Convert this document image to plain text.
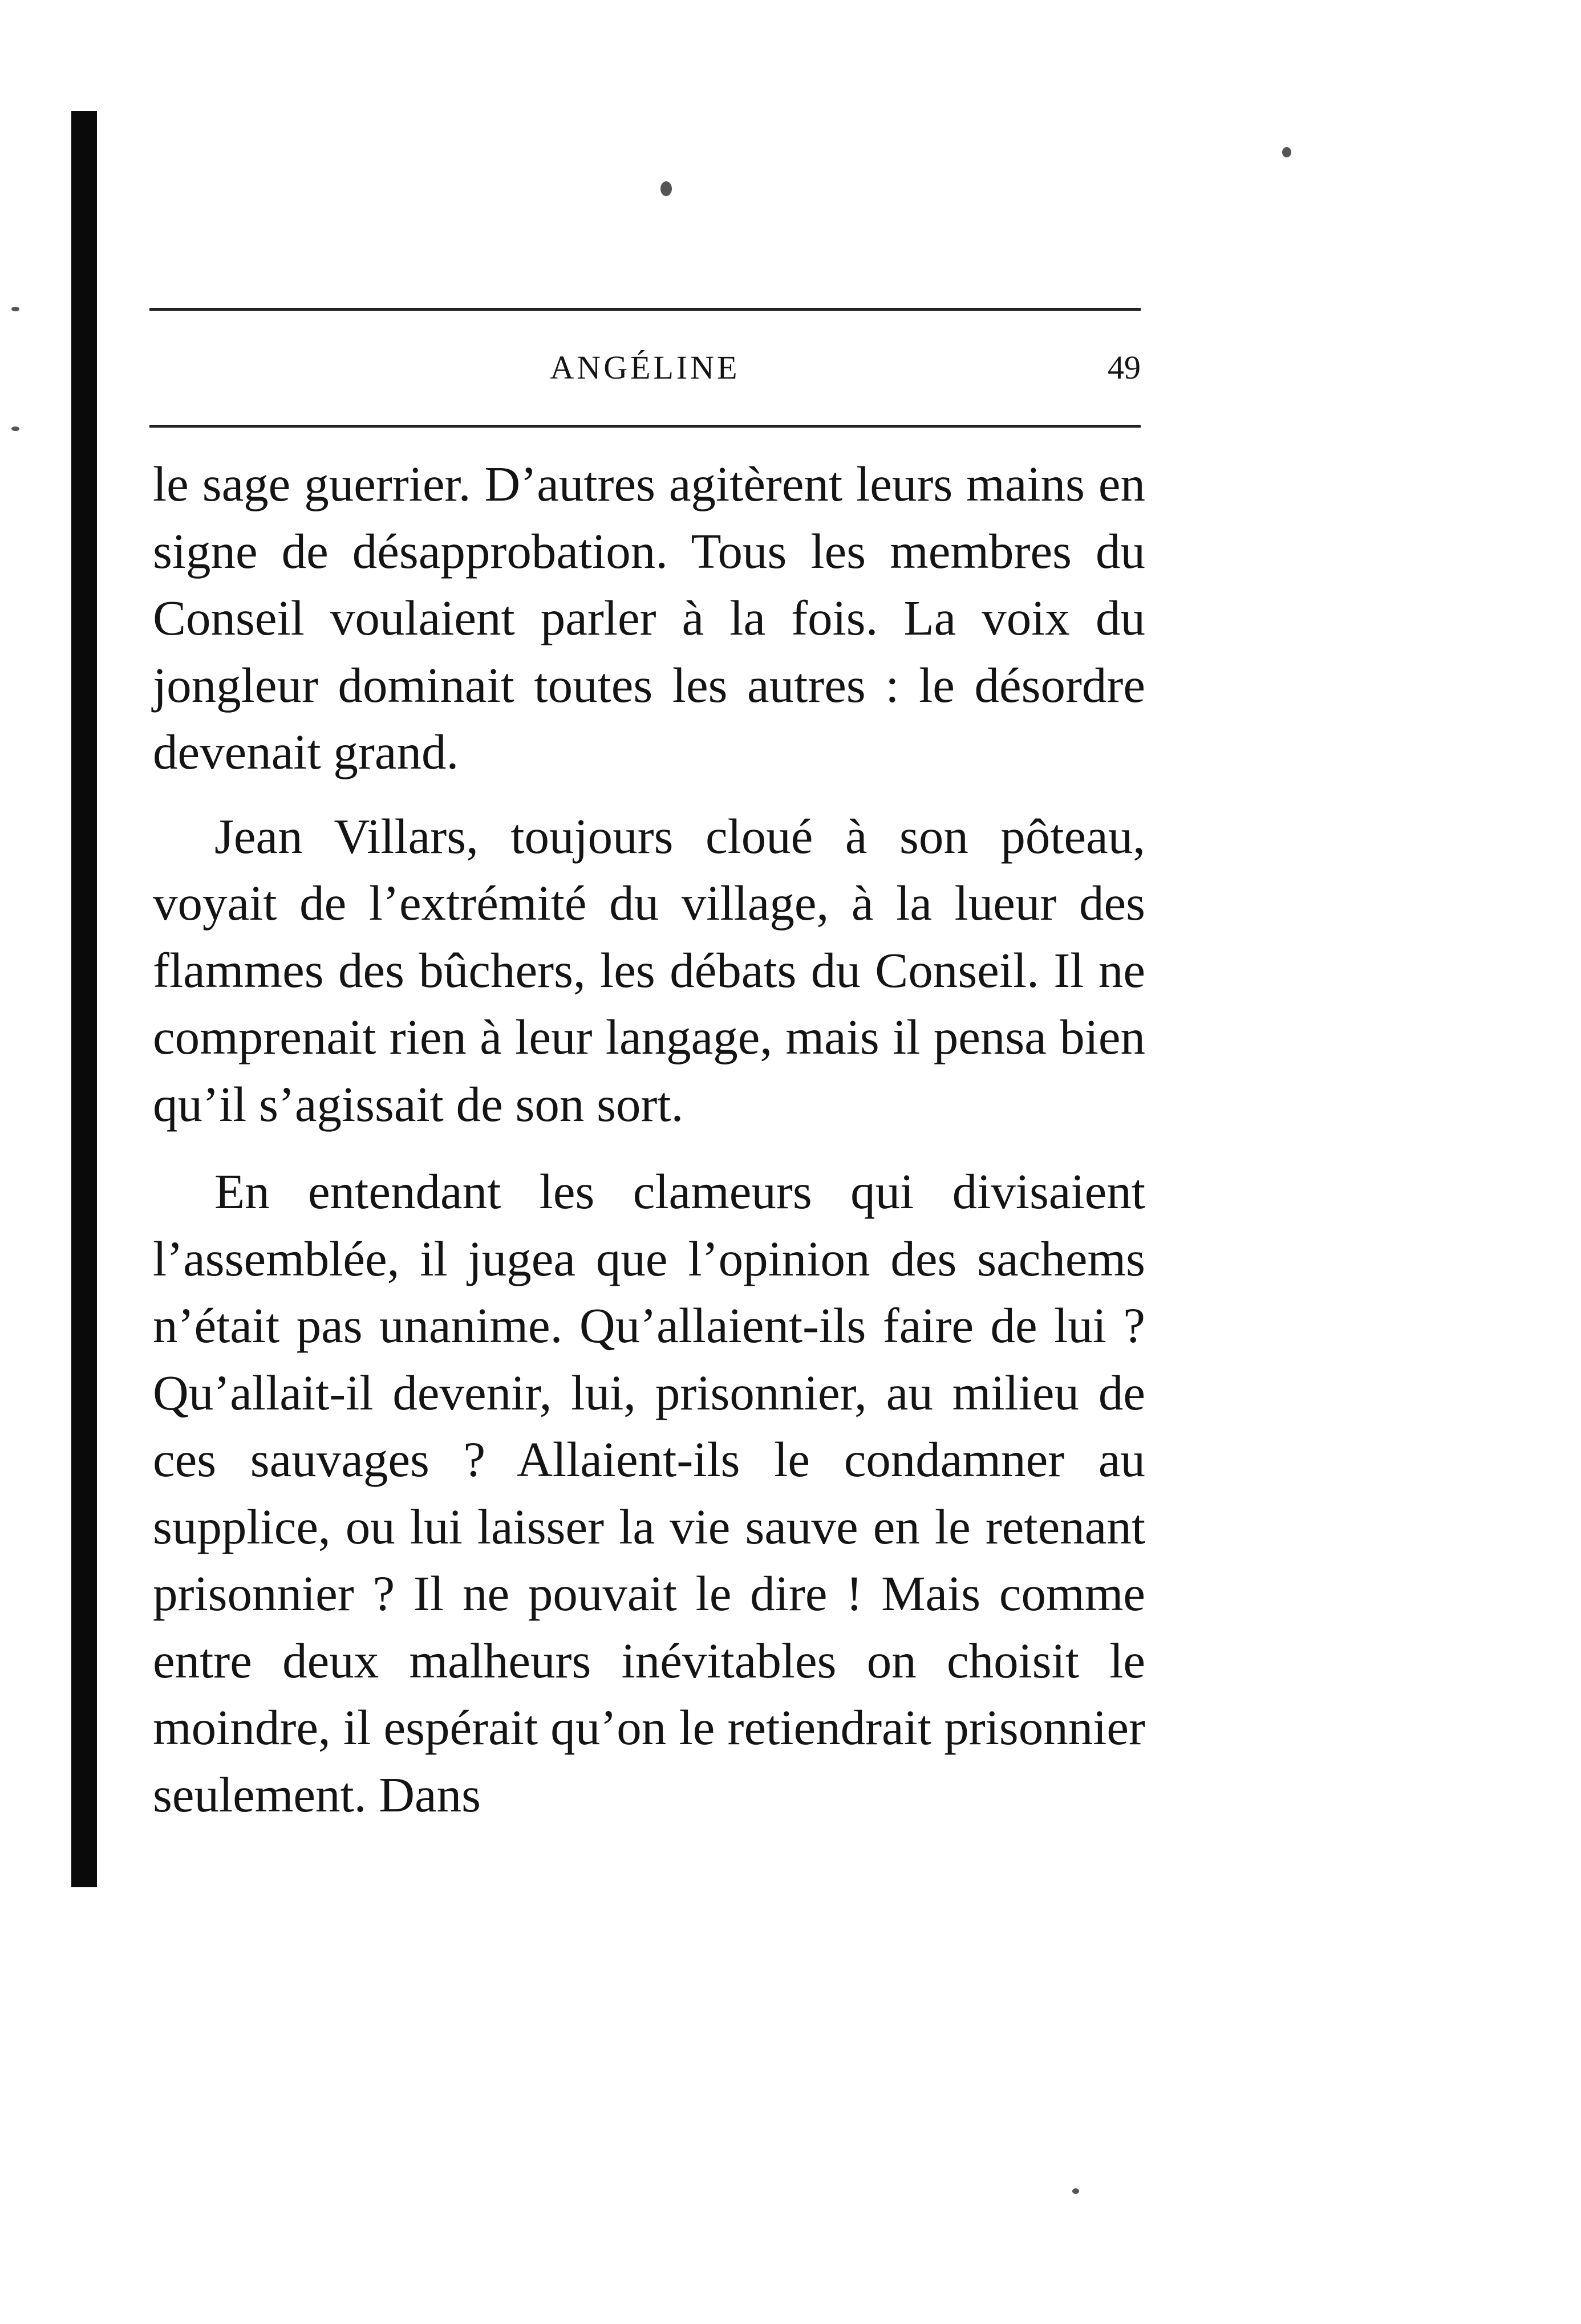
ANGÉLINE	49

le sage guerrier. D’autres agitèrent leurs mains en signe de désapprobation. Tous les membres du Conseil voulaient parler à la fois. La voix du jongleur dominait toutes les autres : le désordre devenait grand.

Jean Villars, toujours cloué à son pôteau, voyait de l’extrémité du village, à la lueur des flammes des bûchers, les débats du Conseil. Il ne comprenait rien à leur langage, mais il pensa bien qu’il s’agissait de son sort.

En entendant les clameurs qui divisaient l’assemblée, il jugea que l’opinion des sachems n’était pas unanime. Qu’allaient-ils faire de lui ? Qu’allait-il devenir, lui, prisonnier, au milieu de ces sauvages ? Allaient-ils le condamner au supplice, ou lui laisser la vie sauve en le retenant prisonnier ? Il ne pouvait le dire ! Mais comme entre deux malheurs inévitables on choisit le moindre, il espérait qu’on le retiendrait prisonnier seulement. Dans
